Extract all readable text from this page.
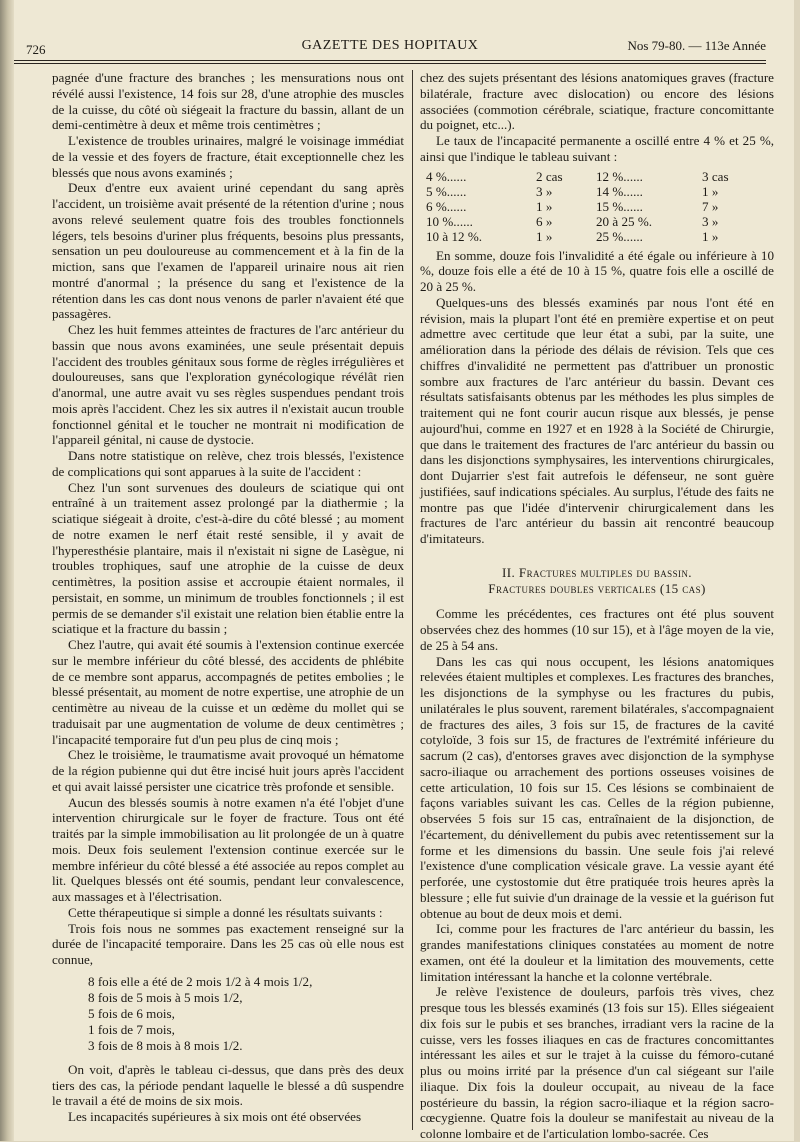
726	GAZETTE DES HOPITAUX	Nos 79-80. — 113e Année

pagnée d'une fracture des branches ; les mensurations nous ont révélé aussi l'existence, 14 fois sur 28, d'une atrophie des muscles de la cuisse, du côté où siégeait la fracture du bassin, allant de un demi-centimètre à deux et même trois centimètres ;

L'existence de troubles urinaires, malgré le voisinage immédiat de la vessie et des foyers de fracture, était exceptionnelle chez les blessés que nous avons examinés ;

Deux d'entre eux avaient uriné cependant du sang après l'accident, un troisième avait présenté de la rétention d'urine ; nous avons relevé seulement quatre fois des troubles fonctionnels légers, tels besoins d'uriner plus fréquents, besoins plus pressants, sensation un peu douloureuse au commencement et à la fin de la miction, sans que l'examen de l'appareil urinaire nous ait rien montré d'anormal ; la présence du sang et l'existence de la rétention dans les cas dont nous venons de parler n'avaient été que passagères.

Chez les huit femmes atteintes de fractures de l'arc antérieur du bassin que nous avons examinées, une seule présentait depuis l'accident des troubles génitaux sous forme de règles irrégulières et douloureuses, sans que l'exploration gynécologique révélât rien d'anormal, une autre avait vu ses règles suspendues pendant trois mois après l'accident. Chez les six autres il n'existait aucun trouble fonctionnel génital et le toucher ne montrait ni modification de l'appareil génital, ni cause de dystocie.

Dans notre statistique on relève, chez trois blessés, l'existence de complications qui sont apparues à la suite de l'accident :

Chez l'un sont survenues des douleurs de sciatique qui ont entraîné à un traitement assez prolongé par la diathermie ; la sciatique siégeait à droite, c'est-à-dire du côté blessé ; au moment de notre examen le nerf était resté sensible, il y avait de l'hyperesthésie plantaire, mais il n'existait ni signe de Lasègue, ni troubles trophiques, sauf une atrophie de la cuisse de deux centimètres, la position assise et accroupie étaient normales, il persistait, en somme, un minimum de troubles fonctionnels ; il est permis de se demander s'il existait une relation bien établie entre la sciatique et la fracture du bassin ;

Chez l'autre, qui avait été soumis à l'extension continue exercée sur le membre inférieur du côté blessé, des accidents de phlébite de ce membre sont apparus, accompagnés de petites embolies ; le blessé présentait, au moment de notre expertise, une atrophie de un centimètre au niveau de la cuisse et un œdème du mollet qui se traduisait par une augmentation de volume de deux centimètres ; l'incapacité temporaire fut d'un peu plus de cinq mois ;

Chez le troisième, le traumatisme avait provoqué un hématome de la région pubienne qui dut être incisé huit jours après l'accident et qui avait laissé persister une cicatrice très profonde et sensible.

Aucun des blessés soumis à notre examen n'a été l'objet d'une intervention chirurgicale sur le foyer de fracture. Tous ont été traités par la simple immobilisation au lit prolongée de un à quatre mois. Deux fois seulement l'extension continue exercée sur le membre inférieur du côté blessé a été associée au repos complet au lit. Quelques blessés ont été soumis, pendant leur convalescence, aux massages et à l'électrisation.

Cette thérapeutique si simple a donné les résultats suivants :

Trois fois nous ne sommes pas exactement renseigné sur la durée de l'incapacité temporaire. Dans les 25 cas où elle nous est connue,

8 fois elle a été de 2 mois 1/2 à 4 mois 1/2,
8 fois de 5 mois à 5 mois 1/2,
5 fois de 6 mois,
1 fois de 7 mois,
3 fois de 8 mois à 8 mois 1/2.

On voit, d'après le tableau ci-dessus, que dans près des deux tiers des cas, la période pendant laquelle le blessé a dû suspendre le travail a été de moins de six mois.

Les incapacités supérieures à six mois ont été observées

chez des sujets présentant des lésions anatomiques graves (fracture bilatérale, fracture avec dislocation) ou encore des lésions associées (commotion cérébrale, sciatique, fracture concomittante du poignet, etc...).

Le taux de l'incapacité permanente a oscillé entre 4 % et 25 %, ainsi que l'indique le tableau suivant :

4 %......	2 cas	12 %......	3 cas
5 %......	3 »	14 %......	1 »
6 %......	1 »	15 %......	7 »
10 %......	6 »	20 à 25 %.	3 »
10 à 12 %.	1 »	25 %......	1 »

En somme, douze fois l'invalidité a été égale ou inférieure à 10 %, douze fois elle a été de 10 à 15 %, quatre fois elle a oscillé de 20 à 25 %.

Quelques-uns des blessés examinés par nous l'ont été en révision, mais la plupart l'ont été en première expertise et on peut admettre avec certitude que leur état a subi, par la suite, une amélioration dans la période des délais de révision. Tels que ces chiffres d'invalidité ne permettent pas d'attribuer un pronostic sombre aux fractures de l'arc antérieur du bassin. Devant ces résultats satisfaisants obtenus par les méthodes les plus simples de traitement qui ne font courir aucun risque aux blessés, je pense aujourd'hui, comme en 1927 et en 1928 à la Société de Chirurgie, que dans le traitement des fractures de l'arc antérieur du bassin ou dans les disjonctions symphysaires, les interventions chirurgicales, dont Dujarrier s'est fait autrefois le défenseur, ne sont guère justifiées, sauf indications spéciales. Au surplus, l'étude des faits ne montre pas que l'idée d'intervenir chirurgicalement dans les fractures de l'arc antérieur du bassin ait rencontré beaucoup d'imitateurs.

II. Fractures multiples du bassin.
Fractures doubles verticales (15 cas)

Comme les précédentes, ces fractures ont été plus souvent observées chez des hommes (10 sur 15), et à l'âge moyen de la vie, de 25 à 54 ans.

Dans les cas qui nous occupent, les lésions anatomiques relevées étaient multiples et complexes. Les fractures des branches, les disjonctions de la symphyse ou les fractures du pubis, unilatérales le plus souvent, rarement bilatérales, s'accompagnaient de fractures des ailes, 3 fois sur 15, de fractures de la cavité cotyloïde, 3 fois sur 15, de fractures de l'extrémité inférieure du sacrum (2 cas), d'entorses graves avec disjonction de la symphyse sacro-iliaque ou arrachement des portions osseuses voisines de cette articulation, 10 fois sur 15. Ces lésions se combinaient de façons variables suivant les cas. Celles de la région pubienne, observées 5 fois sur 15 cas, entraînaient de la disjonction, de l'écartement, du dénivellement du pubis avec retentissement sur la forme et les dimensions du bassin. Une seule fois j'ai relevé l'existence d'une complication vésicale grave. La vessie ayant été perforée, une cystostomie dut être pratiquée trois heures après la blessure ; elle fut suivie d'un drainage de la vessie et la guérison fut obtenue au bout de deux mois et demi.

Ici, comme pour les fractures de l'arc antérieur du bassin, les grandes manifestations cliniques constatées au moment de notre examen, ont été la douleur et la limitation des mouvements, cette limitation intéressant la hanche et la colonne vertébrale.

Je relève l'existence de douleurs, parfois très vives, chez presque tous les blessés examinés (13 fois sur 15). Elles siégeaient dix fois sur le pubis et ses branches, irradiant vers la racine de la cuisse, vers les fosses iliaques en cas de fractures concomittantes intéressant les ailes et sur le trajet à la cuisse du fémoro-cutané plus ou moins irrité par la présence d'un cal siégeant sur l'aile iliaque. Dix fois la douleur occupait, au niveau de la face postérieure du bassin, la région sacro-iliaque et la région sacro-cœcygienne. Quatre fois la douleur se manifestait au niveau de la colonne lombaire et de l'articulation lombo-sacrée. Ces
